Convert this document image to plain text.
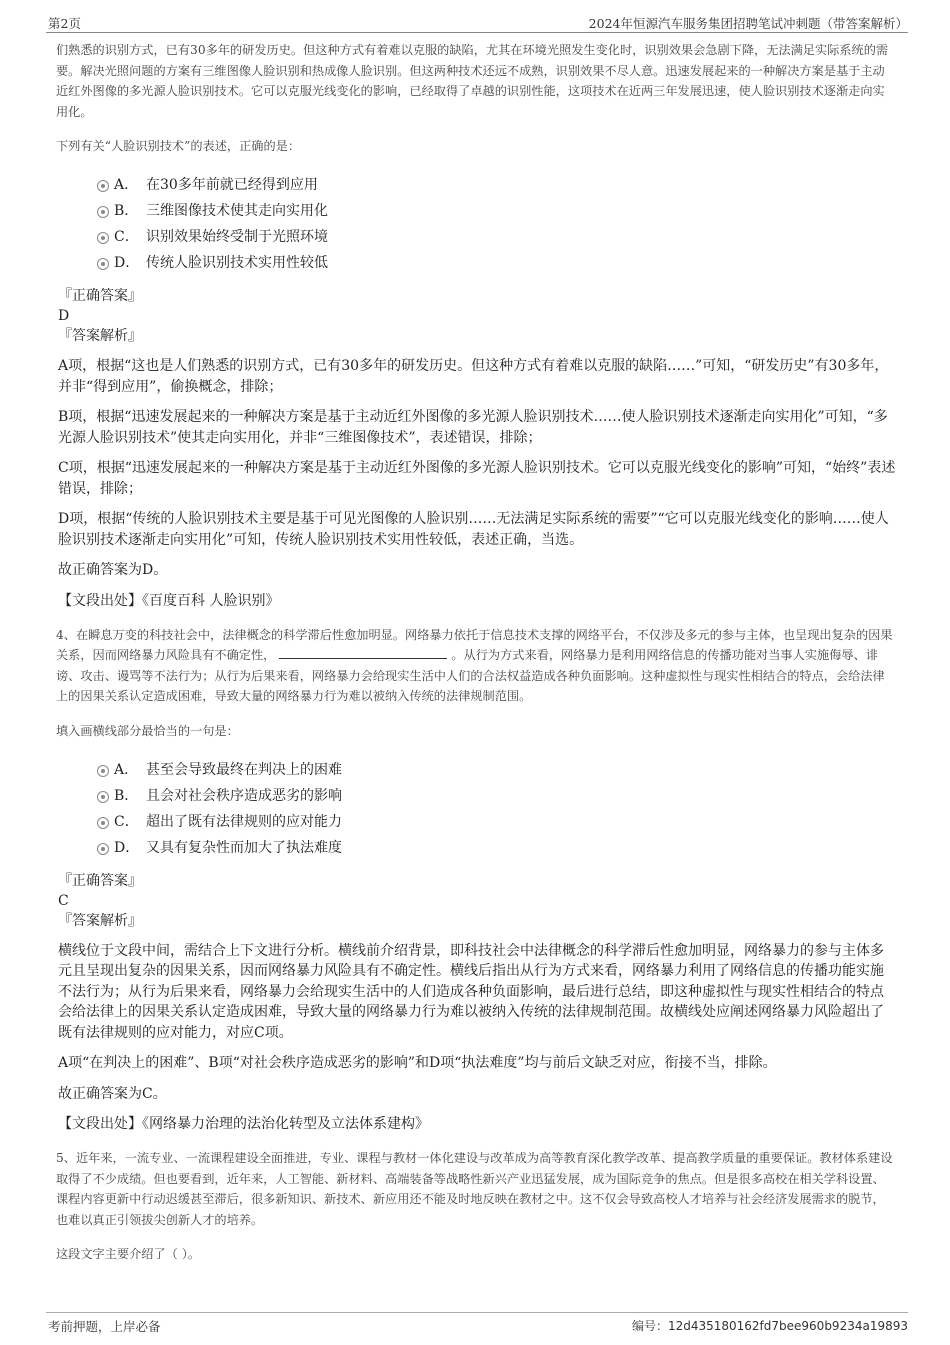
第2页	2024年恒源汽车服务集团招聘笔试冲刺题（带答案解析）

们熟悉的识别方式，已有30多年的研发历史。但这种方式有着难以克服的缺陷，尤其在环境光照发生变化时，识别效果会急剧下降，无法满足实际系统的需要。解决光照问题的方案有三维图像人脸识别和热成像人脸识别。但这两种技术还远不成熟，识别效果不尽人意。迅速发展起来的一种解决方案是基于主动近红外图像的多光源人脸识别技术。它可以克服光线变化的影响，已经取得了卓越的识别性能，这项技术在近两三年发展迅速，使人脸识别技术逐渐走向实用化。

下列有关“人脸识别技术”的表述，正确的是：

A． 在30多年前就已经得到应用
B． 三维图像技术使其走向实用化
C． 识别效果始终受制于光照环境
D． 传统人脸识别技术实用性较低
『正确答案』
D
『答案解析』

A项，根据“这也是人们熟悉的识别方式，已有30多年的研发历史。但这种方式有着难以克服的缺陷……”可知，“研发历史”有30多年，并非“得到应用”，偷换概念，排除；

B项，根据“迅速发展起来的一种解决方案是基于主动近红外图像的多光源人脸识别技术……使人脸识别技术逐渐走向实用化”可知，“多光源人脸识别技术”使其走向实用化，并非“三维图像技术”，表述错误，排除；

C项，根据“迅速发展起来的一种解决方案是基于主动近红外图像的多光源人脸识别技术。它可以克服光线变化的影响”可知，“始终”表述错误，排除；

D项，根据“传统的人脸识别技术主要是基于可见光图像的人脸识别……无法满足实际系统的需要”“它可以克服光线变化的影响……使人脸识别技术逐渐走向实用化”可知，传统人脸识别技术实用性较低，表述正确，当选。

故正确答案为D。

【文段出处】《百度百科 人脸识别》

4、在瞬息万变的科技社会中，法律概念的科学滞后性愈加明显。网络暴力依托于信息技术支撑的网络平台，不仅涉及多元的参与主体，也呈现出复杂的因果关系，因而网络暴力风险具有不确定性，	。从行为方式来看，网络暴力是利用网络信息的传播功能对当事人实施侮辱、诽谤、攻击、谩骂等不法行为；从行为后果来看，网络暴力会给现实生活中人们的合法权益造成各种负面影响。这种虚拟性与现实性相结合的特点，会给法律上的因果关系认定造成困难，导致大量的网络暴力行为难以被纳入传统的法律规制范围。

填入画横线部分最恰当的一句是：

A． 甚至会导致最终在判决上的困难
B． 且会对社会秩序造成恶劣的影响
C． 超出了既有法律规则的应对能力
D． 又具有复杂性而加大了执法难度
『正确答案』
C
『答案解析』

横线位于文段中间，需结合上下文进行分析。横线前介绍背景，即科技社会中法律概念的科学滞后性愈加明显，网络暴力的参与主体多元且呈现出复杂的因果关系，因而网络暴力风险具有不确定性。横线后指出从行为方式来看，网络暴力利用了网络信息的传播功能实施不法行为；从行为后果来看，网络暴力会给现实生活中的人们造成各种负面影响，最后进行总结，即这种虚拟性与现实性相结合的特点会给法律上的因果关系认定造成困难，导致大量的网络暴力行为难以被纳入传统的法律规制范围。故横线处应阐述网络暴力风险超出了既有法律规则的应对能力，对应C项。

A项“在判决上的困难”、B项“对社会秩序造成恶劣的影响”和D项“执法难度”均与前后文缺乏对应，衔接不当，排除。

故正确答案为C。

【文段出处】《网络暴力治理的法治化转型及立法体系建构》

5、近年来，一流专业、一流课程建设全面推进，专业、课程与教材一体化建设与改革成为高等教育深化教学改革、提高教学质量的重要保证。教材体系建设取得了不少成绩。但也要看到，近年来，人工智能、新材料、高端装备等战略性新兴产业迅猛发展，成为国际竞争的焦点。但是很多高校在相关学科设置、课程内容更新中行动迟缓甚至滞后，很多新知识、新技术、新应用还不能及时地反映在教材之中。这不仅会导致高校人才培养与社会经济发展需求的脱节，也难以真正引领拔尖创新人才的培养。

这段文字主要介绍了（ ）。

考前押题，上岸必备	编号：12d435180162fd7bee960b9234a19893
